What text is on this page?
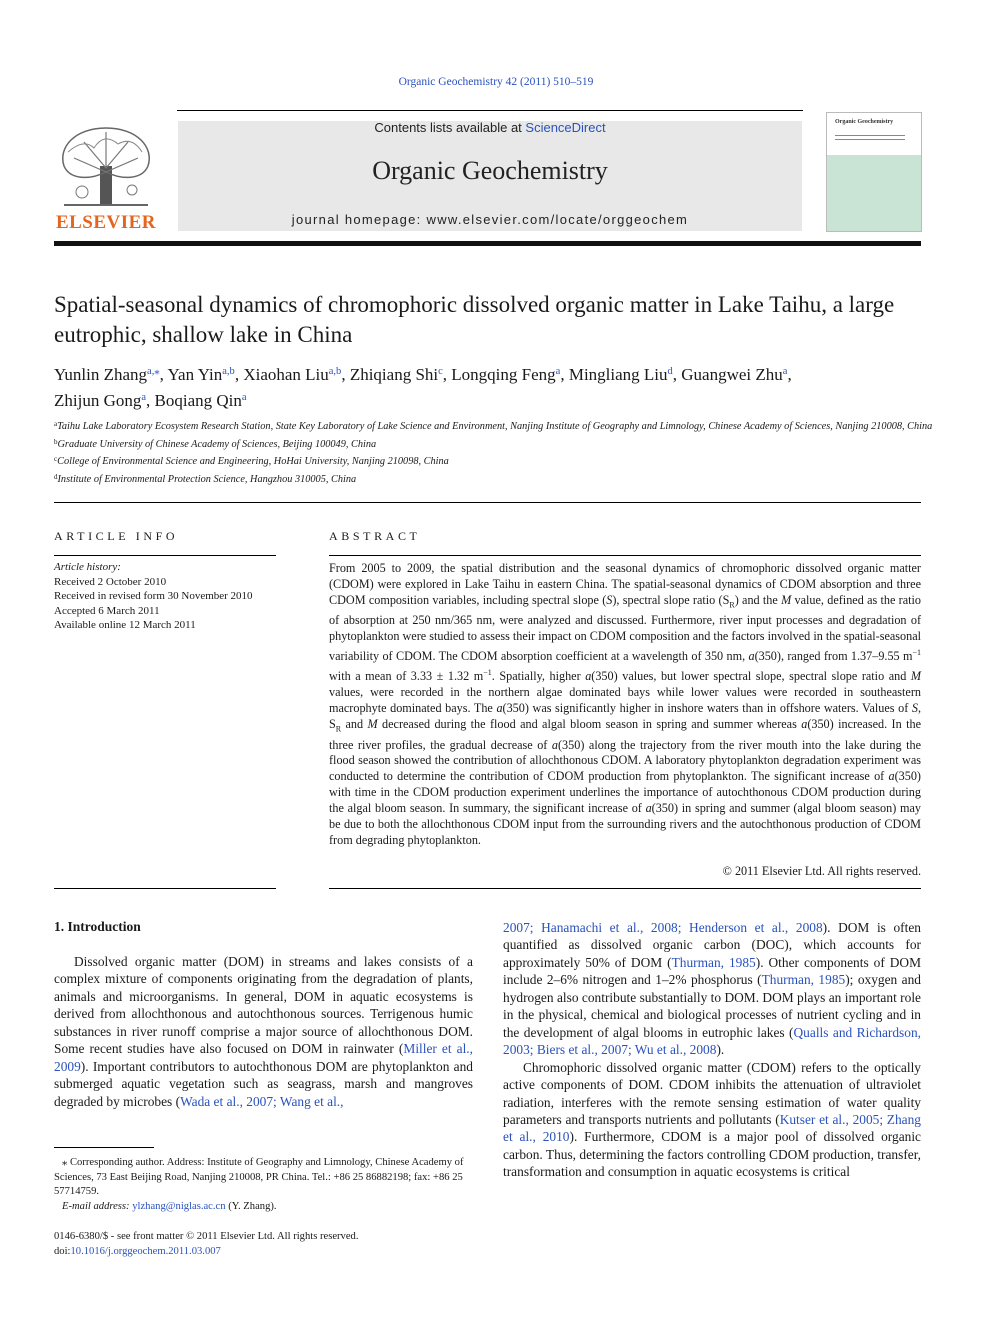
Organic Geochemistry 42 (2011) 510–519
ELSEVIER
Contents lists available at ScienceDirect
Organic Geochemistry
journal homepage: www.elsevier.com/locate/orggeochem
Organic Geochemistry
Spatial-seasonal dynamics of chromophoric dissolved organic matter in Lake Taihu, a large eutrophic, shallow lake in China
Yunlin Zhang$^{a,⁎}$, Yan Yin$^{a,b}$, Xiaohan Liu$^{a,b}$, Zhiqiang Shi$^c$, Longqing Feng$^a$, Mingliang Liu$^d$, Guangwei Zhu$^a$,
Zhijun Gong$^a$, Boqiang Qin$^a$
$^a$Taihu Lake Laboratory Ecosystem Research Station, State Key Laboratory of Lake Science and Environment, Nanjing Institute of Geography and Limnology, Chinese Academy of Sciences, Nanjing 210008, China
$^b$Graduate University of Chinese Academy of Sciences, Beijing 100049, China
$^c$College of Environmental Science and Engineering, HoHai University, Nanjing 210098, China
$^d$Institute of Environmental Protection Science, Hangzhou 310005, China
ARTICLE INFO
Article history:
Received 2 October 2010
Received in revised form 30 November 2010
Accepted 6 March 2011
Available online 12 March 2011
ABSTRACT
From 2005 to 2009, the spatial distribution and the seasonal dynamics of chromophoric dissolved organic matter (CDOM) were explored in Lake Taihu in eastern China. The spatial-seasonal dynamics of CDOM absorption and three CDOM composition variables, including spectral slope (S), spectral slope ratio $(S_R)$ and the M value, defined as the ratio of absorption at 250 nm/365 nm, were analyzed and discussed. Furthermore, river input processes and degradation of phytoplankton were studied to assess their impact on CDOM composition and the factors involved in the spatial-seasonal variability of CDOM. The CDOM absorption coefficient at a wavelength of 350 nm, a(350), ranged from 1.37–9.55 $m^{-1}$ with a mean of 3.33 ± 1.32 $m^{-1}$. Spatially, higher a(350) values, but lower spectral slope, spectral slope ratio and M values, were recorded in the northern algae dominated bays while lower values were recorded in southeastern macrophyte dominated bays. The a(350) was significantly higher in inshore waters than in offshore waters. Values of S, $S_R$ and M decreased during the flood and algal bloom season in spring and summer whereas a(350) increased. In the three river profiles, the gradual decrease of a(350) along the trajectory from the river mouth into the lake during the flood season showed the contribution of allochthonous CDOM. A laboratory phytoplankton degradation experiment was conducted to determine the contribution of CDOM production from phytoplankton. The significant increase of a(350) with time in the CDOM production experiment underlines the importance of autochthonous CDOM production during the algal bloom season. In summary, the significant increase of a(350) in spring and summer (algal bloom season) may be due to both the allochthonous CDOM input from the surrounding rivers and the autochthonous production of CDOM from degrading phytoplankton.
© 2011 Elsevier Ltd. All rights reserved.
1. Introduction

Dissolved organic matter (DOM) in streams and lakes consists of a complex mixture of components originating from the degradation of plants, animals and microorganisms. In general, DOM in aquatic ecosystems is derived from allochthonous and autochthonous sources. Terrigenous humic substances in river runoff comprise a major source of allochthonous DOM. Some recent studies have also focused on DOM in rainwater (Miller et al., 2009). Important contributors to autochthonous DOM are phytoplankton and submerged aquatic vegetation such as seagrass, marsh and mangroves degraded by microbes (Wada et al., 2007; Wang et al.,

2007; Hanamachi et al., 2008; Henderson et al., 2008). DOM is often quantified as dissolved organic carbon (DOC), which accounts for approximately 50% of DOM (Thurman, 1985). Other components of DOM include 2–6% nitrogen and 1–2% phosphorus (Thurman, 1985); oxygen and hydrogen also contribute substantially to DOM. DOM plays an important role in the physical, chemical and biological processes of nutrient cycling and in the development of algal blooms in eutrophic lakes (Qualls and Richardson, 2003; Biers et al., 2007; Wu et al., 2008).

Chromophoric dissolved organic matter (CDOM) refers to the optically active components of DOM. CDOM inhibits the attenuation of ultraviolet radiation, interferes with the remote sensing estimation of water quality parameters and transports nutrients and pollutants (Kutser et al., 2005; Zhang et al., 2010). Furthermore, CDOM is a major pool of dissolved organic carbon. Thus, determining the factors controlling CDOM production, transfer, transformation and consumption in aquatic ecosystems is critical

⁎ Corresponding author. Address: Institute of Geography and Limnology, Chinese Academy of Sciences, 73 East Beijing Road, Nanjing 210008, PR China. Tel.: +86 25 86882198; fax: +86 25 57714759.

E-mail address: ylzhang@niglas.ac.cn (Y. Zhang).

0146-6380/$ - see front matter © 2011 Elsevier Ltd. All rights reserved.
doi:10.1016/j.orggeochem.2011.03.007
